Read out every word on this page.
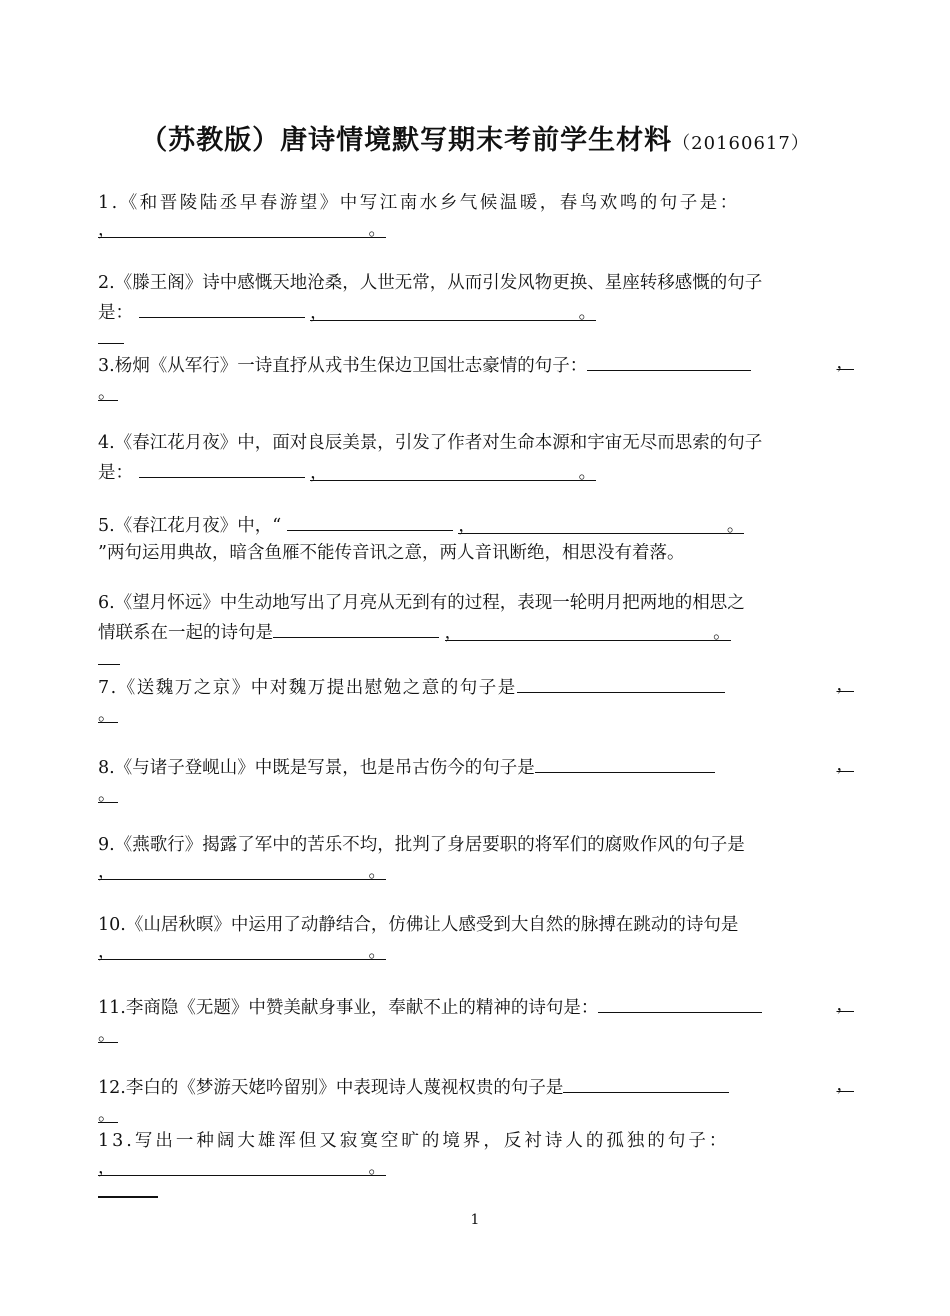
（苏教版）唐诗情境默写期末考前学生材料（20160617）
1.《和晋陵陆丞早春游望》中写江南水乡气候温暖，春鸟欢鸣的句子是：
，	。
2.《滕王阁》诗中感慨天地沧桑，人世无常，从而引发风物更换、星座转移感慨的句子
是：	，	。
3.杨炯《从军行》一诗直抒从戎书生保边卫国壮志豪情的句子：	，
。
4.《春江花月夜》中，面对良辰美景，引发了作者对生命本源和宇宙无尽而思索的句子
是：	，	。
5.《春江花月夜》中，“	，	。
”两句运用典故，暗含鱼雁不能传音讯之意，两人音讯断绝，相思没有着落。
6.《望月怀远》中生动地写出了月亮从无到有的过程，表现一轮明月把两地的相思之
情联系在一起的诗句是	，	。
7.《送魏万之京》中对魏万提出慰勉之意的句子是	，
。
8.《与诸子登岘山》中既是写景，也是吊古伤今的句子是	，
。
9.《燕歌行》揭露了军中的苦乐不均，批判了身居要职的将军们的腐败作风的句子是
，	。
10.《山居秋暝》中运用了动静结合，仿佛让人感受到大自然的脉搏在跳动的诗句是
，	。
11.李商隐《无题》中赞美献身事业，奉献不止的精神的诗句是：	，
。
12.李白的《梦游天姥吟留别》中表现诗人蔑视权贵的句子是	，
。
13.写出一种阔大雄浑但又寂寞空旷的境界，反衬诗人的孤独的句子：
，	。
1
